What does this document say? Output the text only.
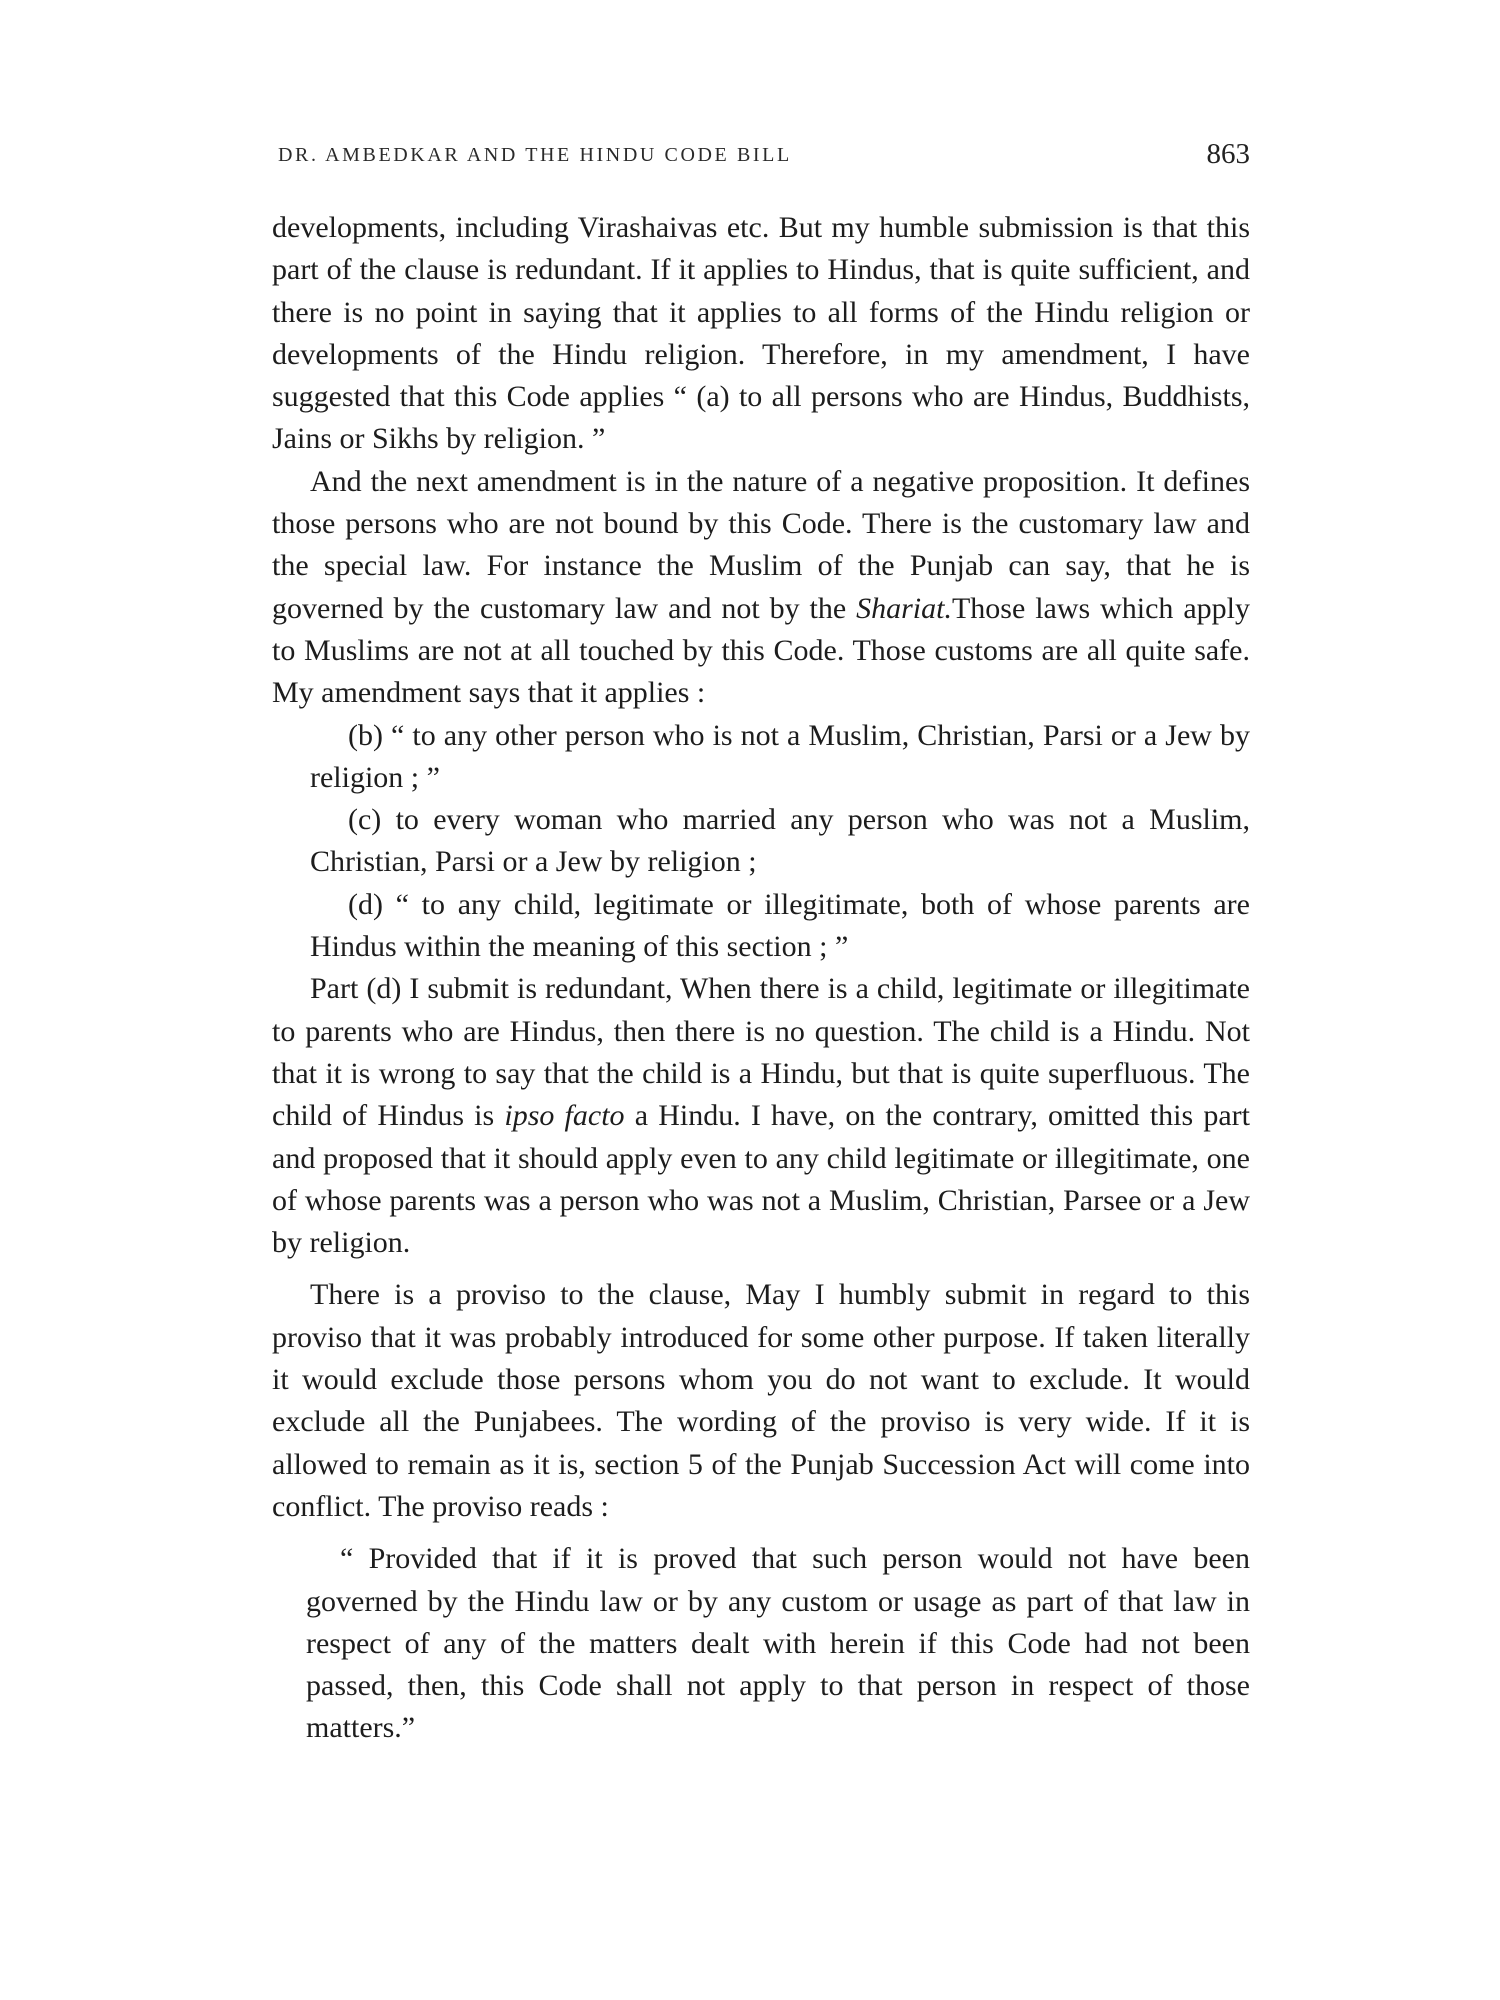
DR. AMBEDKAR AND THE HINDU CODE BILL	863

developments, including Virashaivas etc. But my humble submission is that this part of the clause is redundant. If it applies to Hindus, that is quite sufficient, and there is no point in saying that it applies to all forms of the Hindu religion or developments of the Hindu religion. Therefore, in my amendment, I have suggested that this Code applies “ (a) to all persons who are Hindus, Buddhists, Jains or Sikhs by religion. ”

And the next amendment is in the nature of a negative proposition. It defines those persons who are not bound by this Code. There is the customary law and the special law. For instance the Muslim of the Punjab can say, that he is governed by the customary law and not by the Shariat.Those laws which apply to Muslims are not at all touched by this Code. Those customs are all quite safe. My amendment says that it applies :

(b) “ to any other person who is not a Muslim, Christian, Parsi or a Jew by religion ; ”

(c) to every woman who married any person who was not a Muslim, Christian, Parsi or a Jew by religion ;

(d) “ to any child, legitimate or illegitimate, both of whose parents are Hindus within the meaning of this section ; ”

Part (d) I submit is redundant, When there is a child, legitimate or illegitimate to parents who are Hindus, then there is no question. The child is a Hindu. Not that it is wrong to say that the child is a Hindu, but that is quite superfluous. The child of Hindus is ipso facto a Hindu. I have, on the contrary, omitted this part and proposed that it should apply even to any child legitimate or illegitimate, one of whose parents was a person who was not a Muslim, Christian, Parsee or a Jew by religion.

There is a proviso to the clause, May I humbly submit in regard to this proviso that it was probably introduced for some other purpose. If taken literally it would exclude those persons whom you do not want to exclude. It would exclude all the Punjabees. The wording of the proviso is very wide. If it is allowed to remain as it is, section 5 of the Punjab Succession Act will come into conflict. The proviso reads :

“ Provided that if it is proved that such person would not have been governed by the Hindu law or by any custom or usage as part of that law in respect of any of the matters dealt with herein if this Code had not been passed, then, this Code shall not apply to that person in respect of those matters.”
